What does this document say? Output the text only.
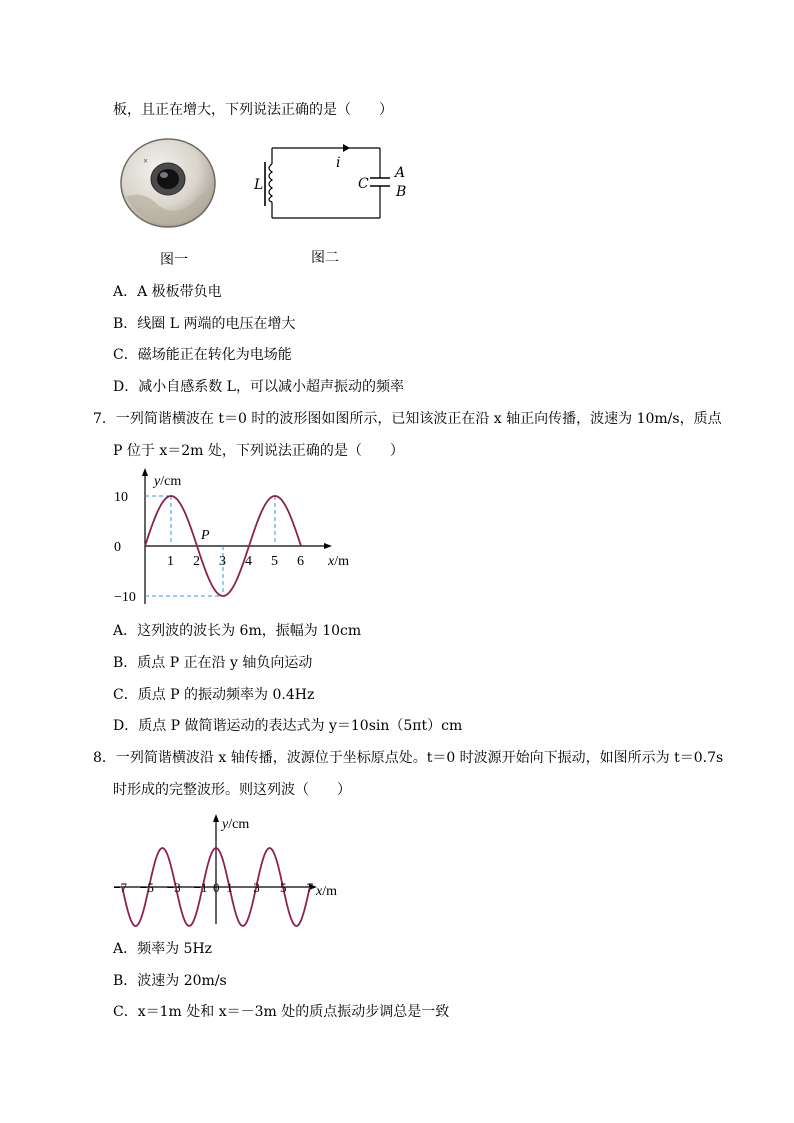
板，且正在增大，下列说法正确的是（　　）
×
图一
i
L	C
A
B
图二
A．A 极板带负电
B．线圈 L 两端的电压在增大
C．磁场能正在转化为电场能
D．减小自感系数 L，可以减小超声振动的频率
7．一列简谐横波在 t＝0 时的波形图如图所示，已知该波正在沿 x 轴正向传播，波速为 10m/s，质点
P 位于 x＝2m 处，下列说法正确的是（　　）
1 2 3 4 5 6
10
0
−10
y/cm
x/m
P
A．这列波的波长为 6m，振幅为 10cm
B．质点 P 正在沿 y 轴负向运动
C．质点 P 的振动频率为 0.4Hz
D．质点 P 做简谐运动的表达式为 y＝10sin（5πt）cm
8．一列简谐横波沿 x 轴传播，波源位于坐标原点处。t＝0 时波源开始向下振动，如图所示为 t＝0.7s
时形成的完整波形。则这列波（　　）
−7 −5 −3 −1 0 1 3 5 7
y/cm
x/m
A．频率为 5Hz
B．波速为 20m/s
C．x＝1m 处和 x＝－3m 处的质点振动步调总是一致
